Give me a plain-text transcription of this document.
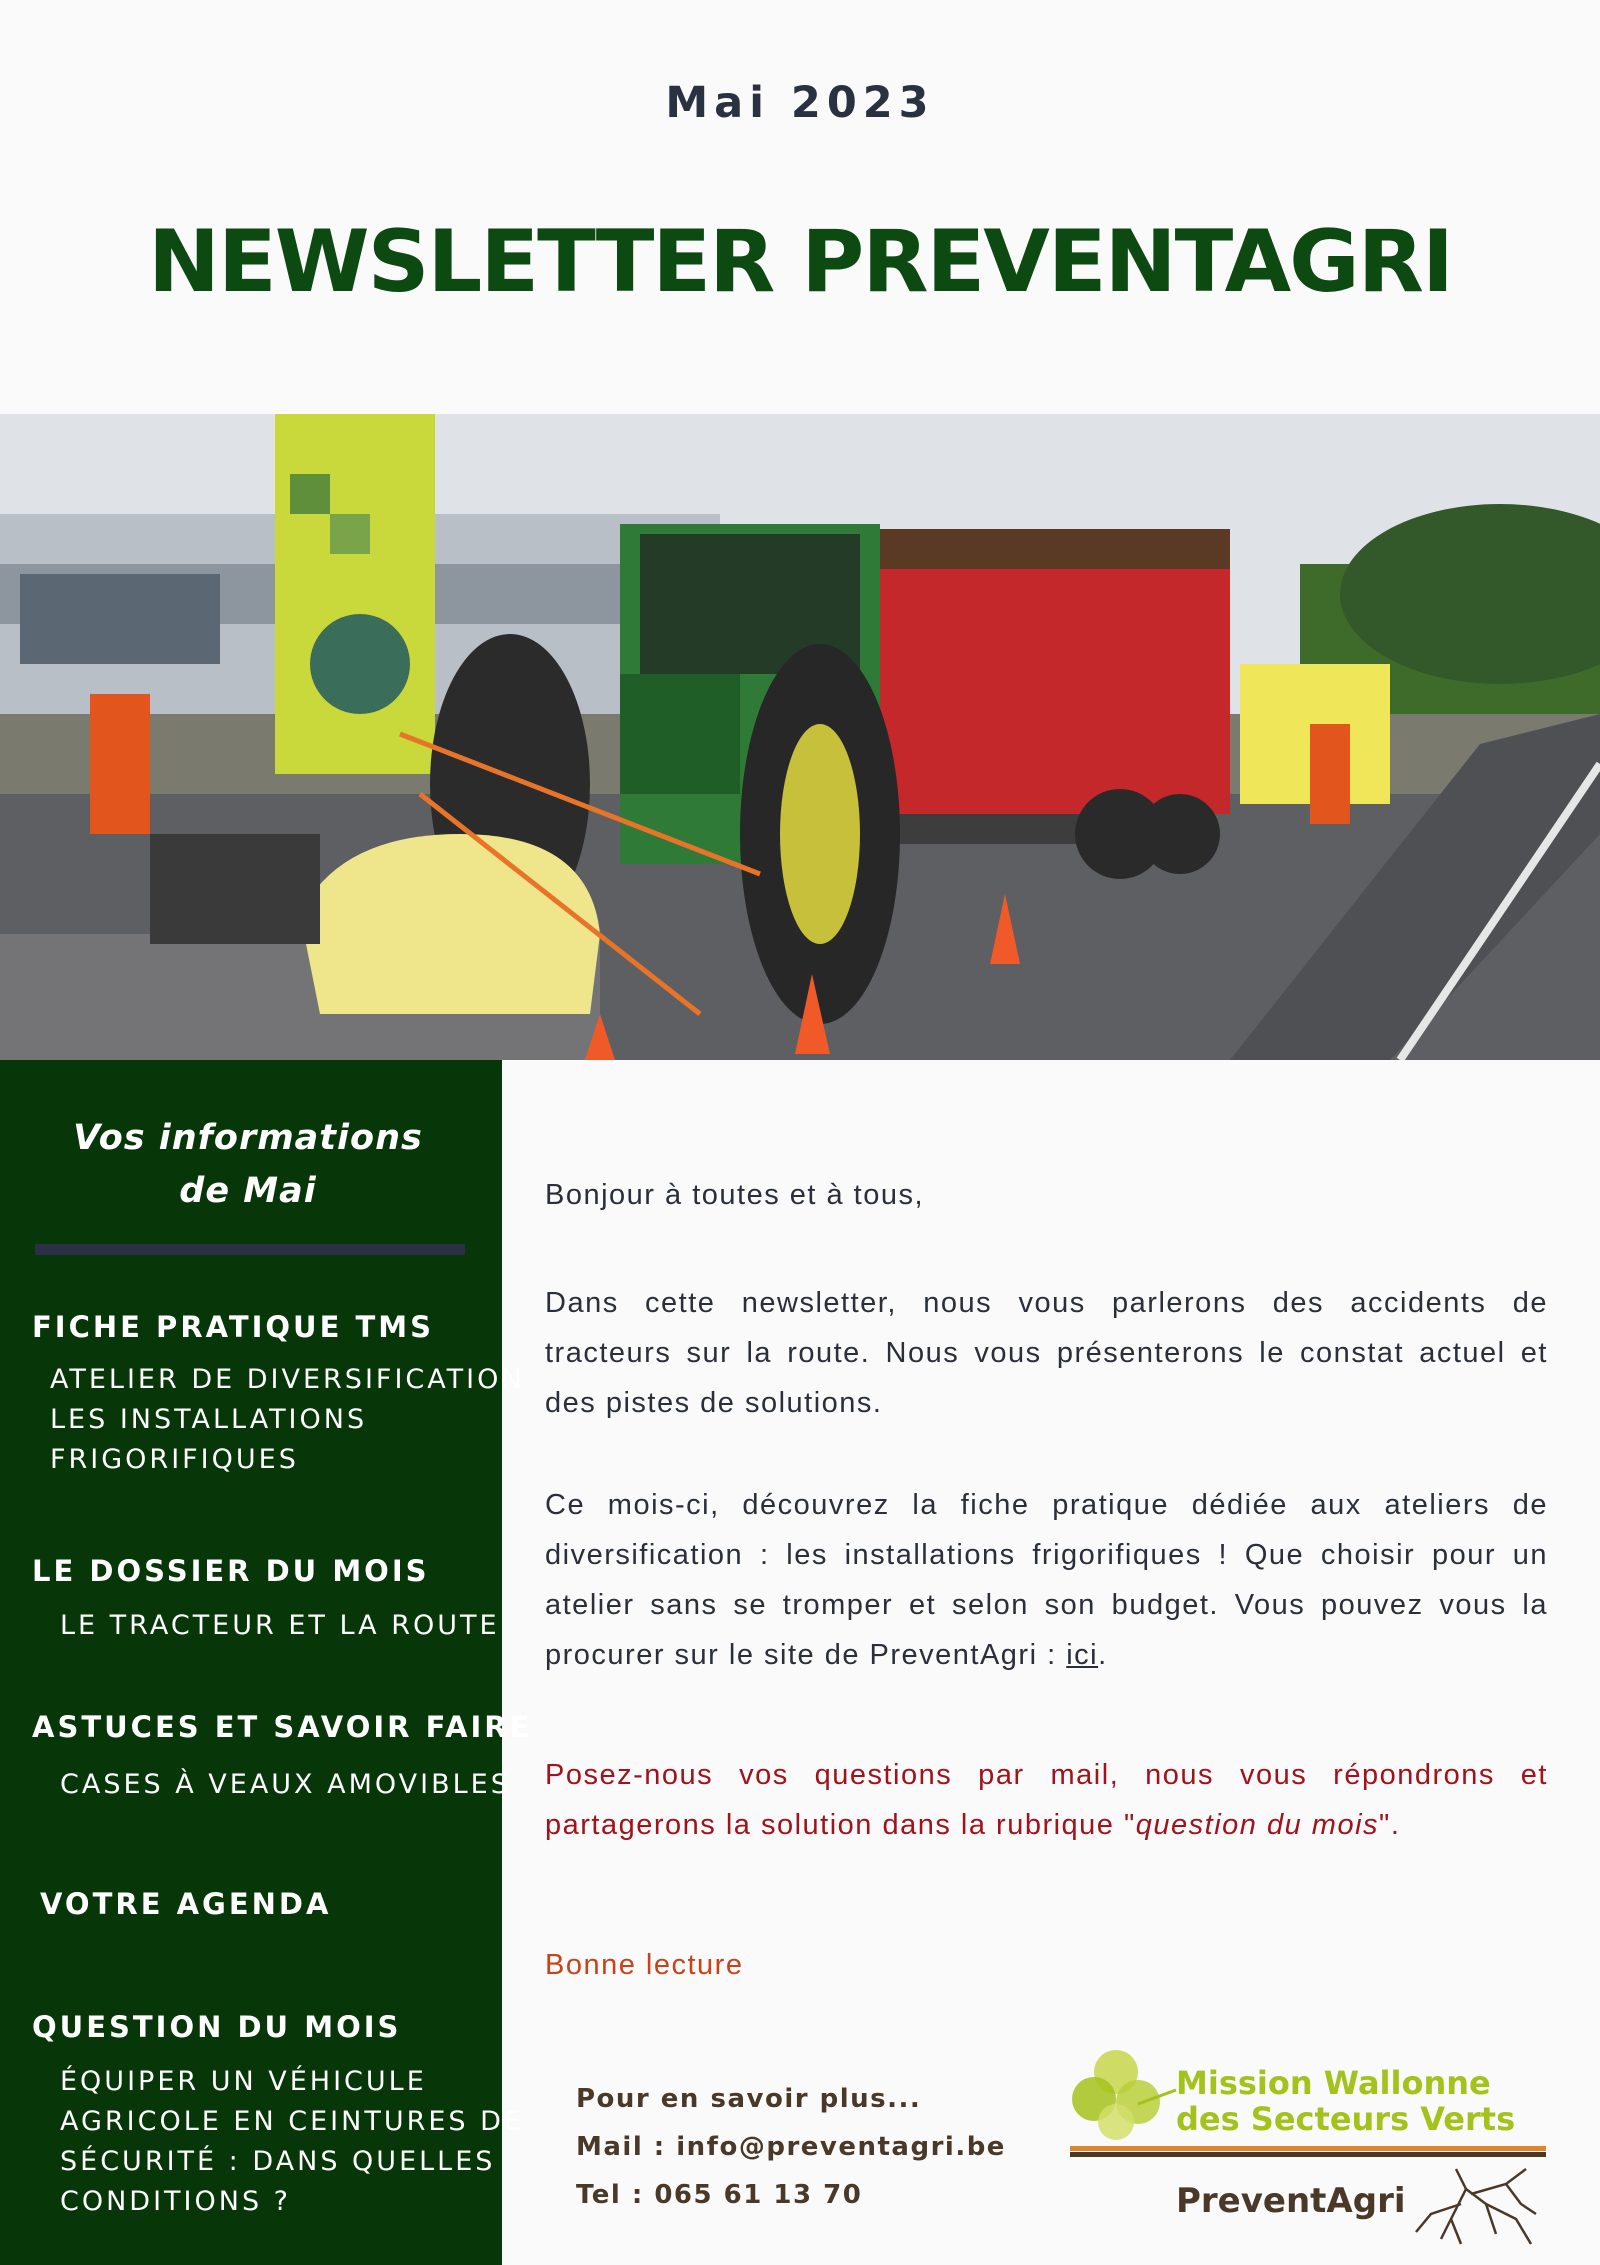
Mai 2023
NEWSLETTER PREVENTAGRI
Vos informations
de Mai
FICHE PRATIQUE TMS
ATELIER DE DIVERSIFICATION
LES INSTALLATIONS
FRIGORIFIQUES
LE DOSSIER DU MOIS
LE TRACTEUR ET LA ROUTE
ASTUCES ET SAVOIR FAIRE
CASES À VEAUX AMOVIBLES
VOTRE AGENDA
QUESTION DU MOIS
ÉQUIPER UN VÉHICULE
AGRICOLE EN CEINTURES DE
SÉCURITÉ : DANS QUELLES
CONDITIONS ?
Bonjour à toutes et à tous,
Dans cette newsletter, nous vous parlerons des accidents de tracteurs sur la route. Nous vous présenterons le constat actuel et des pistes de solutions.
Ce mois-ci, découvrez la fiche pratique dédiée aux ateliers de diversification : les installations frigorifiques ! Que choisir pour un atelier sans se tromper et selon son budget. Vous pouvez vous la procurer sur le site de PreventAgri : ici.
Posez-nous vos questions par mail, nous vous répondrons et partagerons la solution dans la rubrique "question du mois".
Bonne lecture
Pour en savoir plus...
Mail : info@preventagri.be
Tel : 065 61 13 70
Mission Wallonne
des Secteurs Verts
PreventAgri
